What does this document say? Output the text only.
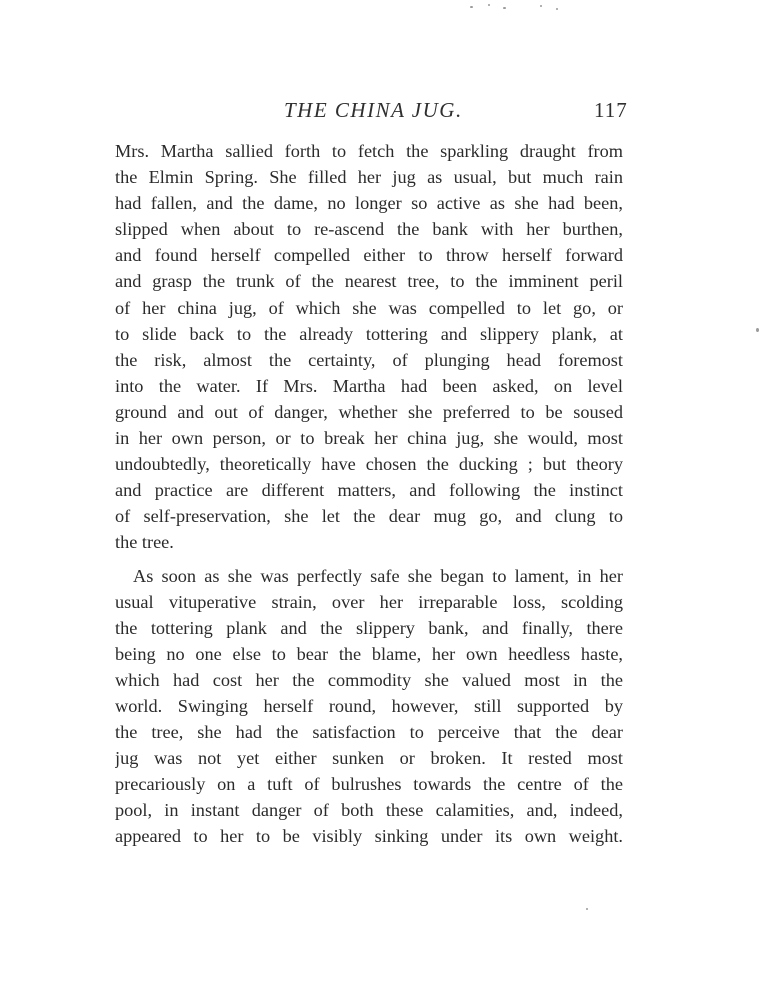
THE CHINA JUG.	117

Mrs. Martha sallied forth to fetch the sparkling draught from
the Elmin Spring. She filled her jug as usual, but much rain
had fallen, and the dame, no longer so active as she had been,
slipped when about to re-ascend the bank with her burthen,
and found herself compelled either to throw herself forward
and grasp the trunk of the nearest tree, to the imminent peril
of her china jug, of which she was compelled to let go, or
to slide back to the already tottering and slippery plank, at
the risk, almost the certainty, of plunging head foremost
into the water. If Mrs. Martha had been asked, on level
ground and out of danger, whether she preferred to be soused
in her own person, or to break her china jug, she would, most
undoubtedly, theoretically have chosen the ducking ; but theory
and practice are different matters, and following the instinct
of self-preservation, she let the dear mug go, and clung to
the tree.

As soon as she was perfectly safe she began to lament, in her
usual vituperative strain, over her irreparable loss, scolding
the tottering plank and the slippery bank, and finally, there
being no one else to bear the blame, her own heedless haste,
which had cost her the commodity she valued most in the
world. Swinging herself round, however, still supported by
the tree, she had the satisfaction to perceive that the dear
jug was not yet either sunken or broken. It rested most
precariously on a tuft of bulrushes towards the centre of the
pool, in instant danger of both these calamities, and, indeed,
appeared to her to be visibly sinking under its own weight.
